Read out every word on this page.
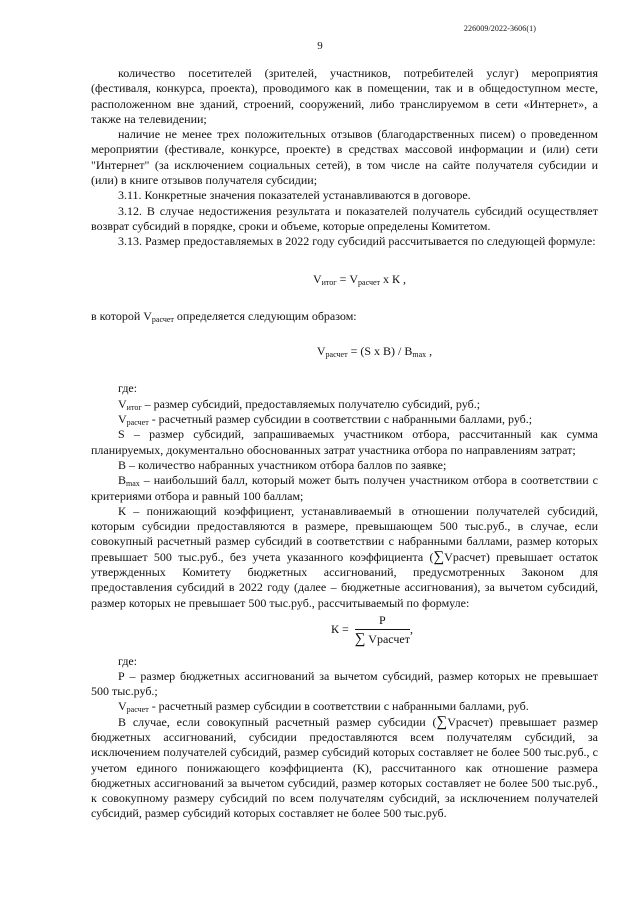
226009/2022-3606(1)
9

количество посетителей (зрителей, участников, потребителей услуг) мероприятия (фестиваля, конкурса, проекта), проводимого как в помещении, так и в общедоступном месте, расположенном вне зданий, строений, сооружений, либо транслируемом в сети «Интернет», а также на телевидении;

наличие не менее трех положительных отзывов (благодарственных писем) о проведенном мероприятии (фестивале, конкурсе, проекте) в средствах массовой информации и (или) сети "Интернет" (за исключением социальных сетей), в том числе на сайте получателя субсидии и (или) в книге отзывов получателя субсидии;

3.11. Конкретные значения показателей устанавливаются в договоре.

3.12. В случае недостижения результата и показателей получатель субсидий осуществляет возврат субсидий в порядке, сроки и объеме, которые определены Комитетом.

3.13. Размер предоставляемых в 2022 году субсидий рассчитывается по следующей формуле:

$V_{итог} = V_{расчет}$ х К ,

в которой $V_{расчет}$ определяется следующим образом:

$V_{расчет} = (S$ x $B) / B_{max}$ ,

где:

$V_{итог}$ – размер субсидий, предоставляемых получателю субсидий, руб.;

$V_{расчет}$ - расчетный размер субсидии в соответствии с набранными баллами, руб.;

S – размер субсидий, запрашиваемых участником отбора, рассчитанный как сумма планируемых, документально обоснованных затрат участника отбора по направлениям затрат;

В – количество набранных участником отбора баллов по заявке;

$B_{max}$ – наибольший балл, который может быть получен участником отбора в соответствии с критериями отбора и равный 100 баллам;

К – понижающий коэффициент, устанавливаемый в отношении получателей субсидий, которым субсидии предоставляются в размере, превышающем 500 тыс.руб., в случае, если совокупный расчетный размер субсидий в соответствии с набранными баллами, размер которых превышает 500 тыс.руб., без учета указанного коэффициента (∑Vрасчет) превышает остаток утвержденных Комитету бюджетных ассигнований, предусмотренных Законом для предоставления субсидий в 2022 году (далее – бюджетные ассигнования), за вычетом субсидий, размер которых не превышает 500 тыс.руб., рассчитываемый по формуле:

$К = \frac{P}{\text{∑ Vрасчет}}$ ,

где:

Р – размер бюджетных ассигнований за вычетом субсидий, размер которых не превышает 500 тыс.руб.;

$V_{расчет}$ - расчетный размер субсидии в соответствии с набранными баллами, руб.

В случае, если совокупный расчетный размер субсидии (∑Vрасчет) превышает размер бюджетных ассигнований, субсидии предоставляются всем получателям субсидий, за исключением получателей субсидий, размер субсидий которых составляет не более 500 тыс.руб., с учетом единого понижающего коэффициента (К), рассчитанного как отношение размера бюджетных ассигнований за вычетом субсидий, размер которых составляет не более 500 тыс.руб., к совокупному размеру субсидий по всем получателям субсидий, за исключением получателей субсидий, размер субсидий которых составляет не более 500 тыс.руб.
